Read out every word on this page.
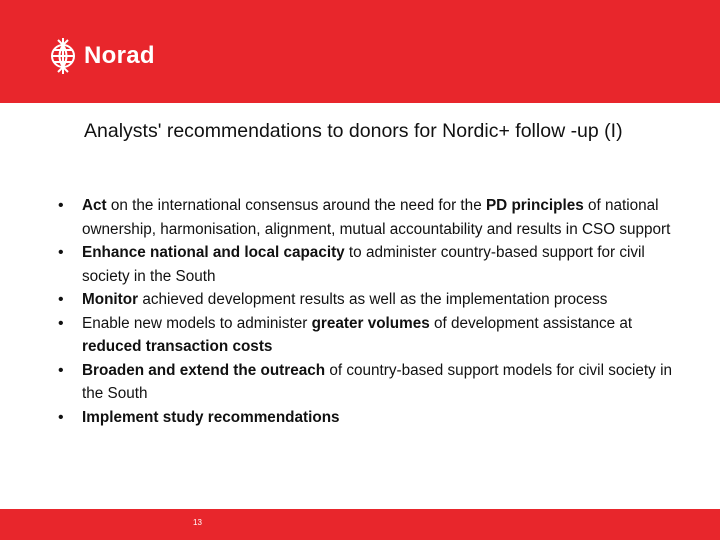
Norad
Analysts' recommendations to donors for Nordic+ follow -up (I)
• Act on the international consensus around the need for the PD principles of national ownership, harmonisation, alignment, mutual accountability and results in CSO support
• Enhance national and local capacity to administer country-based support for civil society in the South
• Monitor achieved development results as well as the implementation process
• Enable new models to administer greater volumes of development assistance at reduced transaction costs
• Broaden and extend the outreach of country-based support models for civil society in the South
• Implement study recommendations
13
